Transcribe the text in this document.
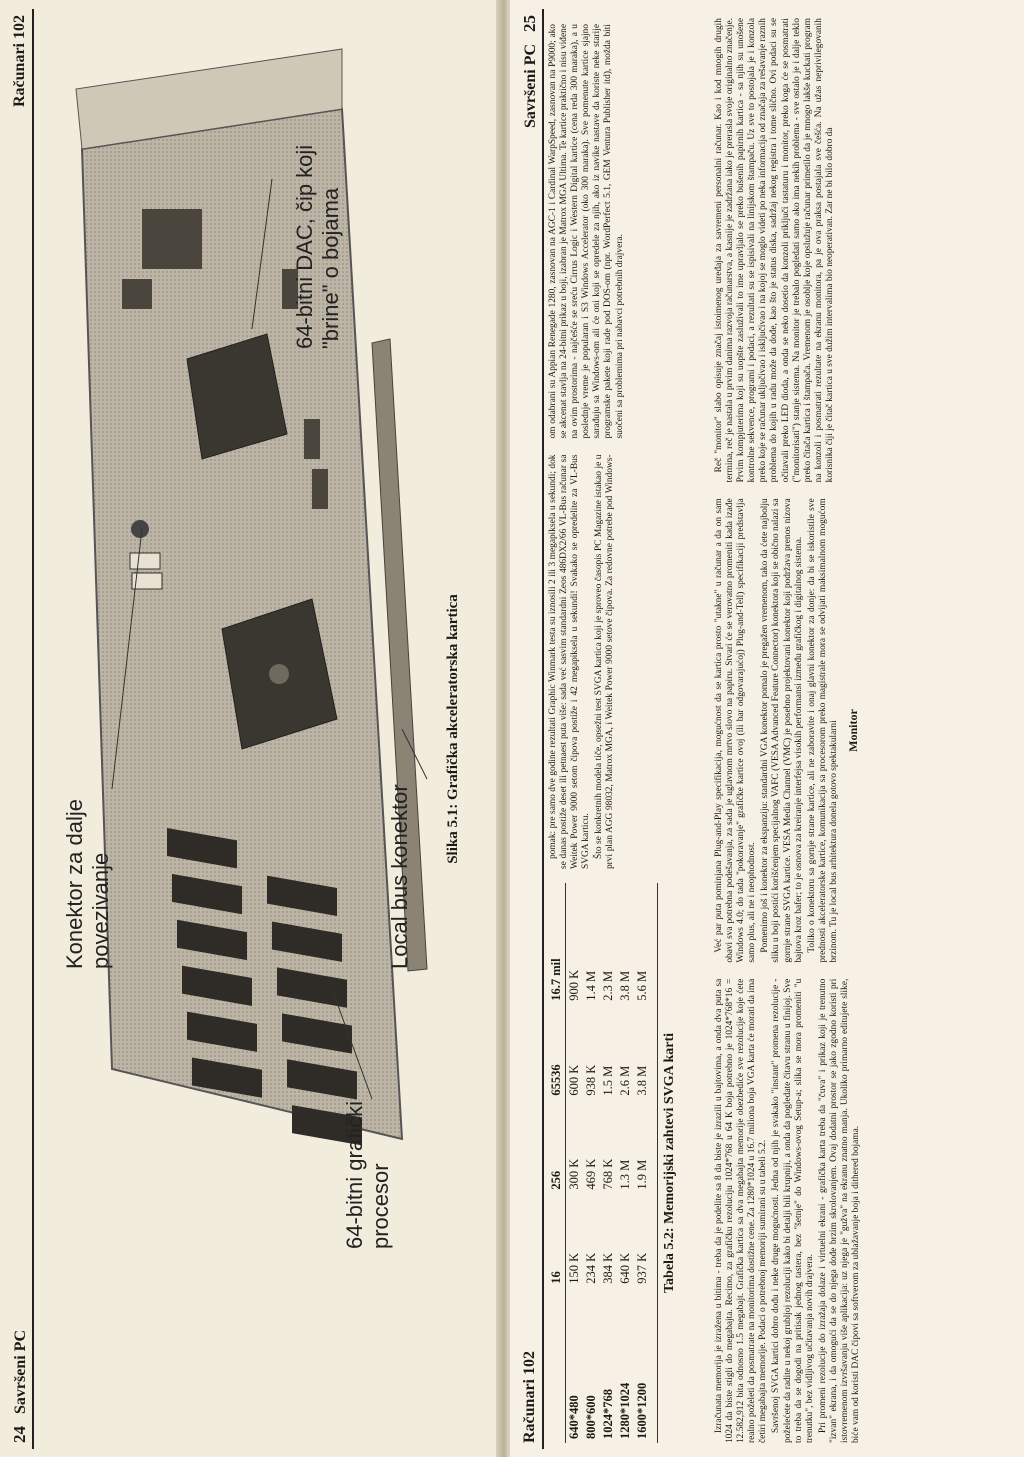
24   Savršeni PC
Računari 102
64-bitni grafički procesor
Konektor za dalje povezivanje	Local bus konektor
64-bitni DAC, čip koji "brine" o bojama
Slika 5.1: Grafička akceleratorska kartica
Računari 102
Savršeni PC   25
	16	256	65536	16.7 mil
640*480	150 K	300 K	600 K	900 K
800*600	234 K	469 K	938 K	1.4 M
1024*768	384 K	768 K	1.5 M	2.3 M
1280*1024	640 K	1.3 M	2.6 M	3.8 M
1600*1200	937 K	1.9 M	3.8 M	5.6 M
Tabela 5.2: Memorijski zahtevi SVGA karti

pomak: pre samo dve godine rezultati Graphic Winmark testa su iznosili 2 ili 3 megapiksela u sekundi; dok se danas postiže deset ili petnaest puta više: sada već sasvim standardni Zeos 486DX2/66 VL-Bus računar sa Weitek Power 9000 setom čipova postiže i 42 megapiksela u sekundi! Svakako se opredelite za VL-Bus SVGA karticu. Što se konkretnih modela tiče, opsežni test SVGA kartica koji je sproveo časopis PC Magazine istakao je u prvi plan AGG 98032, Matrox MGA, i Weitek Power 9000 setove čipova. Za redovne potrebe pod Windows-om odabrani su Appian Renegade 1280, zasnovan na AGC-1 i Cardinal WarpSpeed, zasnovan na P9000; ako se akcenat stavlja na 24-bitni prikaz u boji, izabran je Matrox MGA Ultima. Te kartice praktično i nisu viđene na ovim prostorima - najčešće se sreću Cirrus Logic i Western Digital kartice (cena reda 300 maraka), a u poslednje vreme je popularan i S3 Windows Accelerator (oko 300 maraka). Sve pomenute kartice sjajno sarađuju sa Windows-om ali će oni koji se opredele za njih, ako iz navike nastave da koriste neke starije programske pakete koji rade pod DOS-om (npr. WordPerfect 5.1, GEM Ventura Publisher itd), možda biti suočeni sa problemima pri nabavci potrebnih drajvera.

Izračunata memorija je izražena u bitima - treba da je podelite sa 8 da biste je izrazili u bajtovima, a onda dva puta sa 1024 da biste stigli do megabajta. Recimo, za grafičku rezoluciju 1024*768 u 64 K boja potrebno je 1024*768*16 = 12.582,912 bita odnosno 1.5 megabajt. Grafička kartica sa dva megabajta memorije obezbediće sve rezolucije koje ćete realno poželeti da posmatrate na monitorima dostižne cene. Za 1280*1024 u 16.7 miliona boja VGA karta će morati da ima četiri megabajta memorije. Podaci o potrebnoj memoriji sumirani su u tabeli 5.2. Savršenoj SVGA kartici dobro dođu i neke druge mogućnosti. Jedna od njih je svakako "instant" promena rezolucije - poželećete da radite u nekoj grubljoj rezoluciji kako bi detalji bili krupniji, a onda da pogledate čitavu stranu u finijoj. Sve to treba da se dogodi na pritisak jednog tastera, bez "šetnje" do Windows-ovog Setup-a; slika se mora promeniti "u trenutku", bez vidljivog učitavanja novih drajvera. Pri promeni rezolucije do izražaja dolaze i virtuelni ekrani - grafička karta treba da "čuva" i prikaz koji je trenutno "izvan" ekrana, i da omogući da se do njega dođe brzim skrolovanjem. Ovaj dodatni prostor se jako zgodno koristi pri istovremenom izvršavanju više aplikacija: uz njega je "gužva" na ekranu znatno manja. Ukoliko primarno editujete slike, biće vam od koristi DAC čipovi sa softverom za ublažavanje boja i dithered bojama.

Već par puta pominjana Plug-and-Play specifikacija, mogućnost da se kartica prosto "utakne" u računar a da on sam obavi sva potrebna podešavanja, za sada je uglavnom mrtvo slovo na papiru. Stvari će se verovatno promeniti kada izađe Windows 4.0; do tada "pokoravanje" grafičke kartice ovoj (ili bar odgovarajućoj) Plug-and-Tell) specifikaciji predstavlja samo plus, ali ne i neophodnost. Pomenimo još i konektor za ekspanziju: standardni VGA konektor pomalo je pregažen vremenom, tako da ćete najbolju sliku u boji postići korišćenjem specijalnog VAFC (VESA Advanced Feature Connector) konektora koji se obično nalazi sa gornje strane SVGA kartice. VESA Media Channel (VMC) je posebno projektovani konektor koji podržava prenos nizova bajtova kroz bafer; to je osnova za kreiranje interfejsa visokih performansi između grafičkog i digitalnog sistema. Toliko o konektoru sa gornje strane kartice, ali ne zaboravite i onaj glavni konektor za donje: da bi se iskoristile sve prednosti akceleratorske kartice, komunikacija sa procesorom preko magistrale mora se odvijati maksimalnom mogućom brzinom. Tu je local bus arhitektura donela gotovo spektakularni Monitor

Reč "monitor" slabo opisuje značaj istoimenog uređaja za savremeni personalni računar. Kao i kod mnogih drugih termina, reč je nastala u prvim danima razvoja računarstva, a kasnije je zadržana iako je prerasla svoje originalno značenje. Prvim kompjuterima koji su uopšte zasluživali to ime upravljalo se preko bušenih papirnih kartica - sa njih su unošene kontrolne sekvence, programi i podaci, a rezultati su se ispisivali na linijskom štampaču. Uz sve to postojala je i konzola preko koje se računar uključivao i isključivao i na kojoj se moglo videti po neka informacija od značaja za rešavanje raznih problema do kojih u radu može da dođe, kao što je status diska, sadržaj nekog registra i tome slično. Ovi podaci su se očitavali preko LED dioda, a onda se neko dosetio da konzoli priključi tastaturu i monitor, preko koga će se posmatrati ("monitorisati") stanje sistema. Na monitor je trebalo pogledati samo ako ima nekih problema - sve ostalo je i dalje teklo preko čitača kartica i štampača. Vremenom je osoblje koje opslužuje računar primetilo da je mnogo lakše kuckati program na konzoli i posmatrati rezultate na ekranu monitora, pa je ova praksa postajala sve češća. Na užas neprivilegovanih korisnika čiji je čitač kartica u sve dužim intervalima bio neoperativan. Zar ne bi bilo dobro da
